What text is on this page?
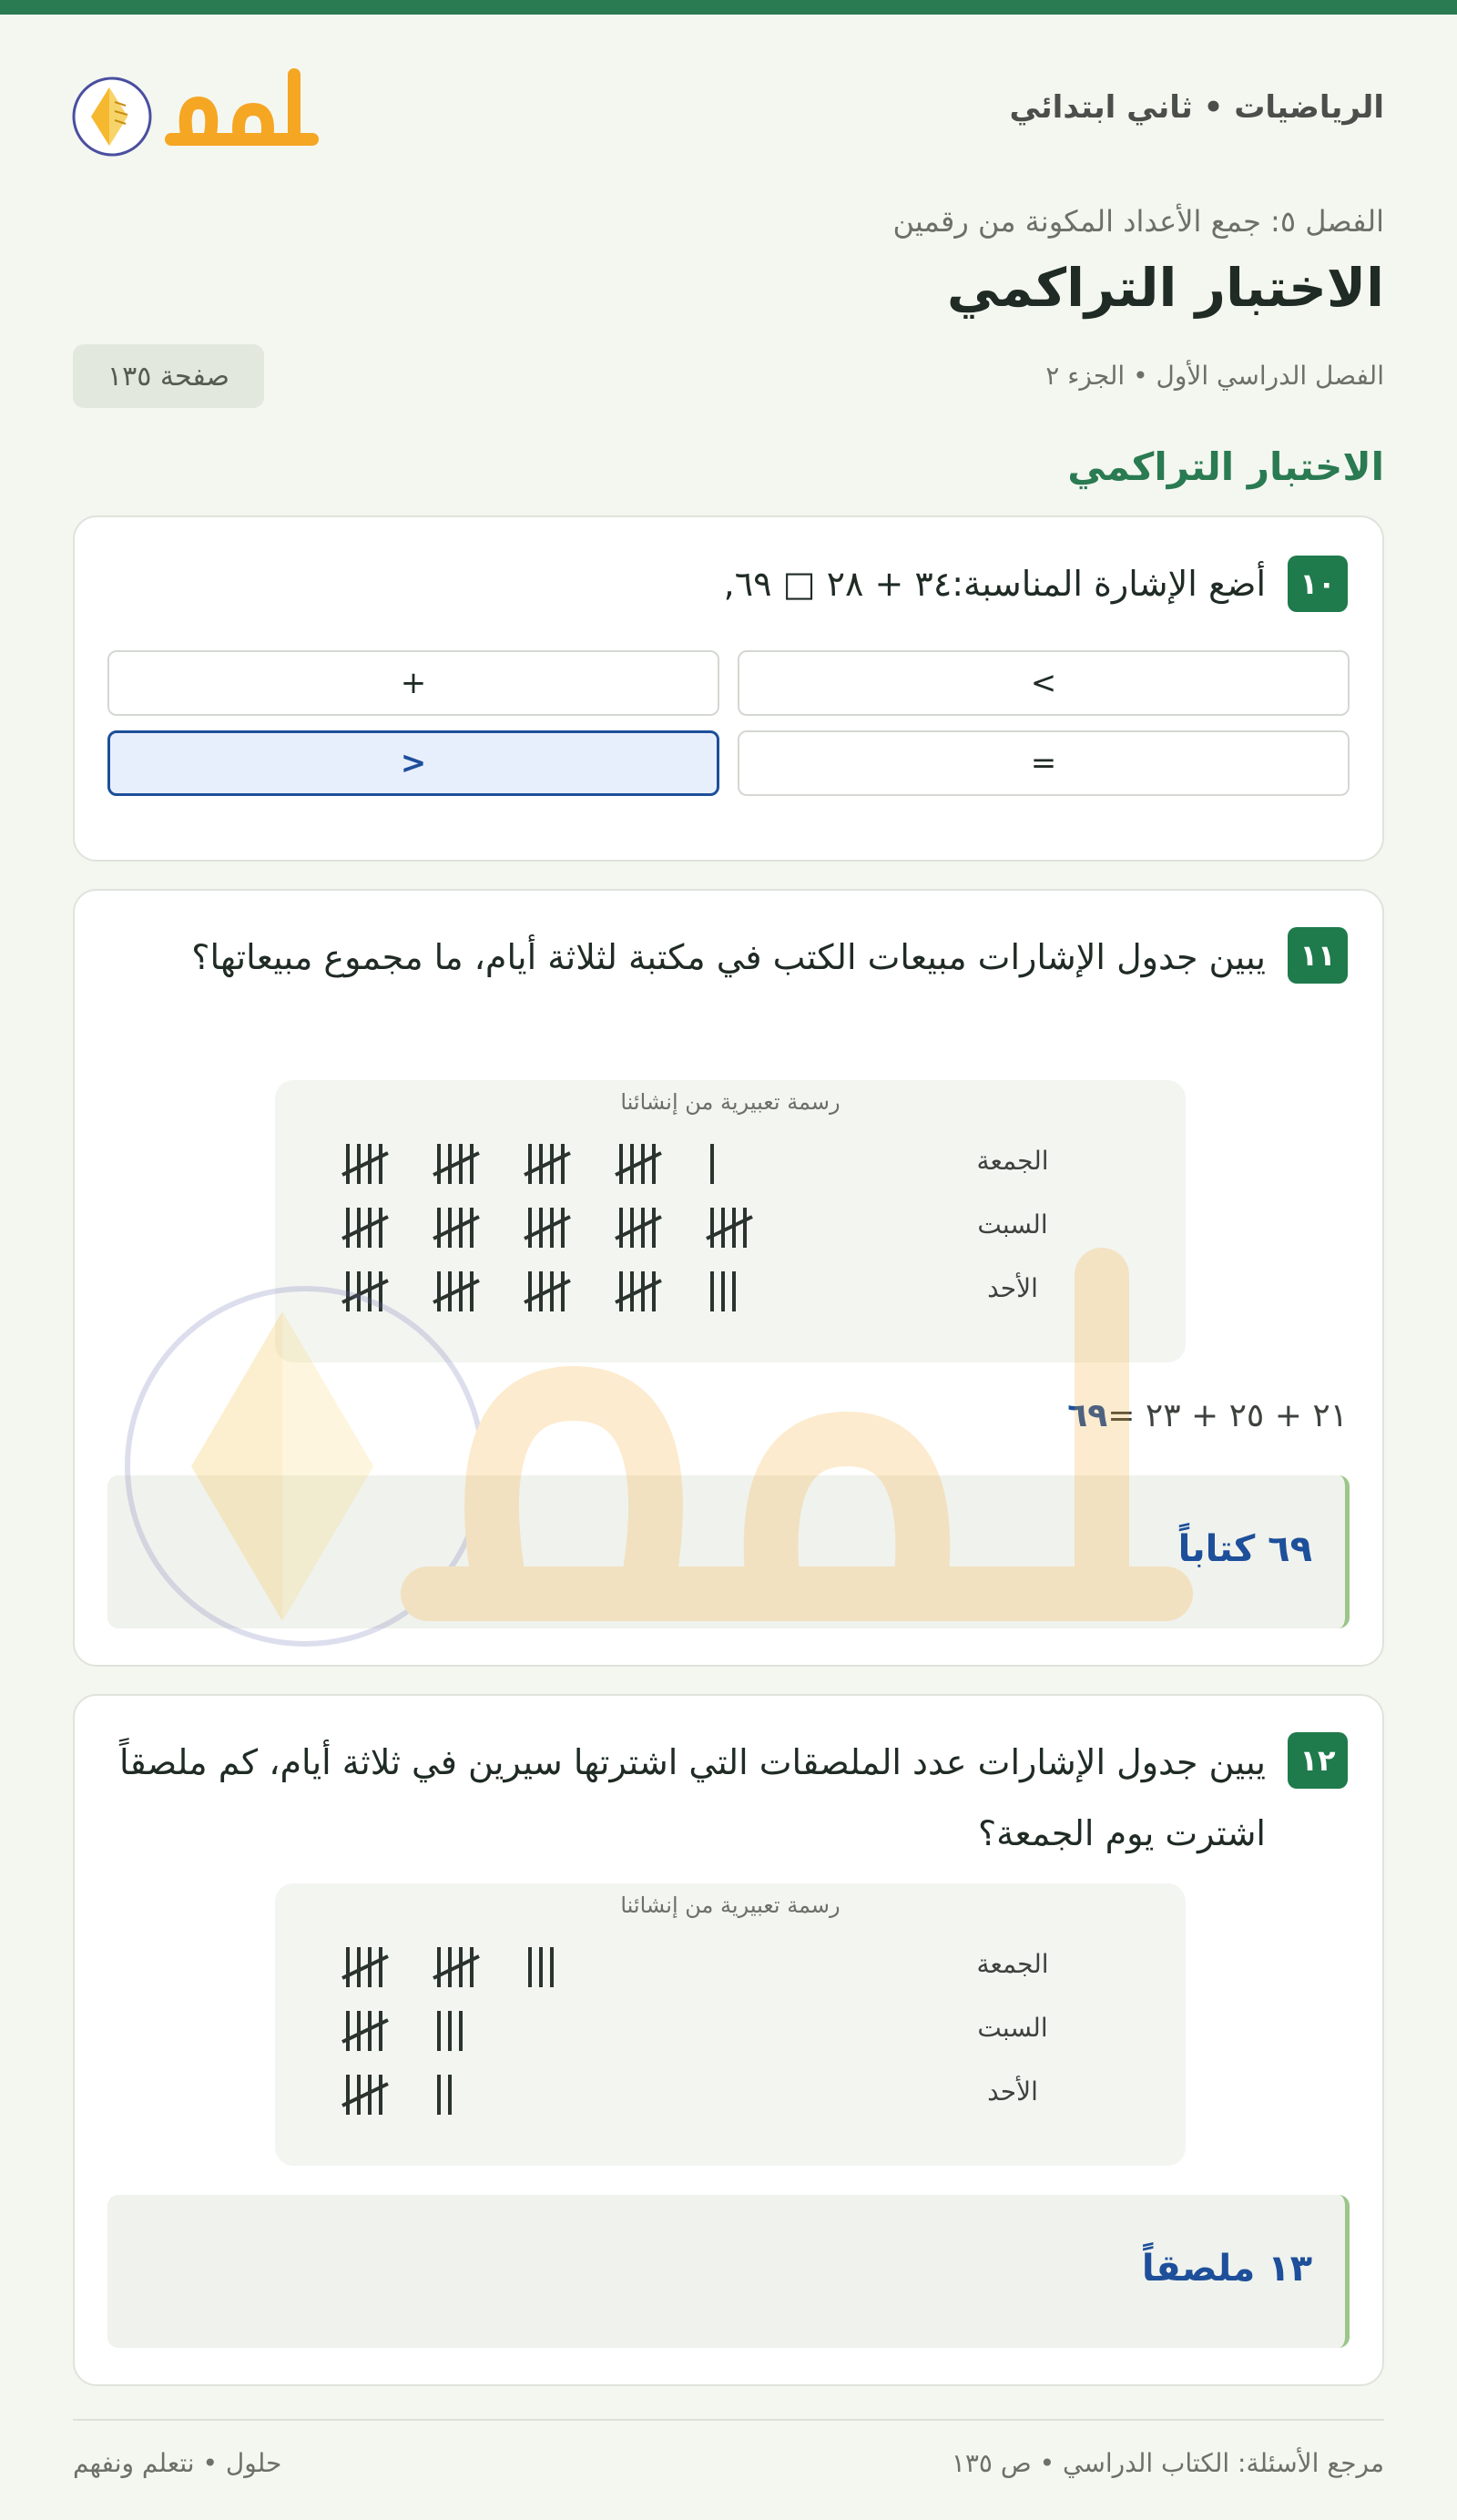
الرياضيات • ثاني ابتدائي
الفصل ٥: جمع الأعداد المكونة من رقمين
الاختبار التراكمي
الفصل الدراسي الأول • الجزء ٢
صفحة ١٣٥
الاختبار التراكمي
١٠
أضع الإشارة المناسبة:٣٤ + ٢٨ □ ٦٩,
<
+
=
>
١١
يبين جدول الإشارات مبيعات الكتب في مكتبة لثلاثة أيام، ما مجموع مبيعاتها؟
رسمة تعبيرية من إنشائنا
الجمعة
السبت
الأحد
٢١ + ٢٥ + ٢٣ =٦٩
٦٩ كتاباً
١٢
يبين جدول الإشارات عدد الملصقات التي اشترتها سيرين في ثلاثة أيام، كم ملصقاً اشترت يوم الجمعة؟
رسمة تعبيرية من إنشائنا
الجمعة
السبت
الأحد
١٣ ملصقاً
مرجع الأسئلة: الكتاب الدراسي • ص ١٣٥
حلول • نتعلم ونفهم
